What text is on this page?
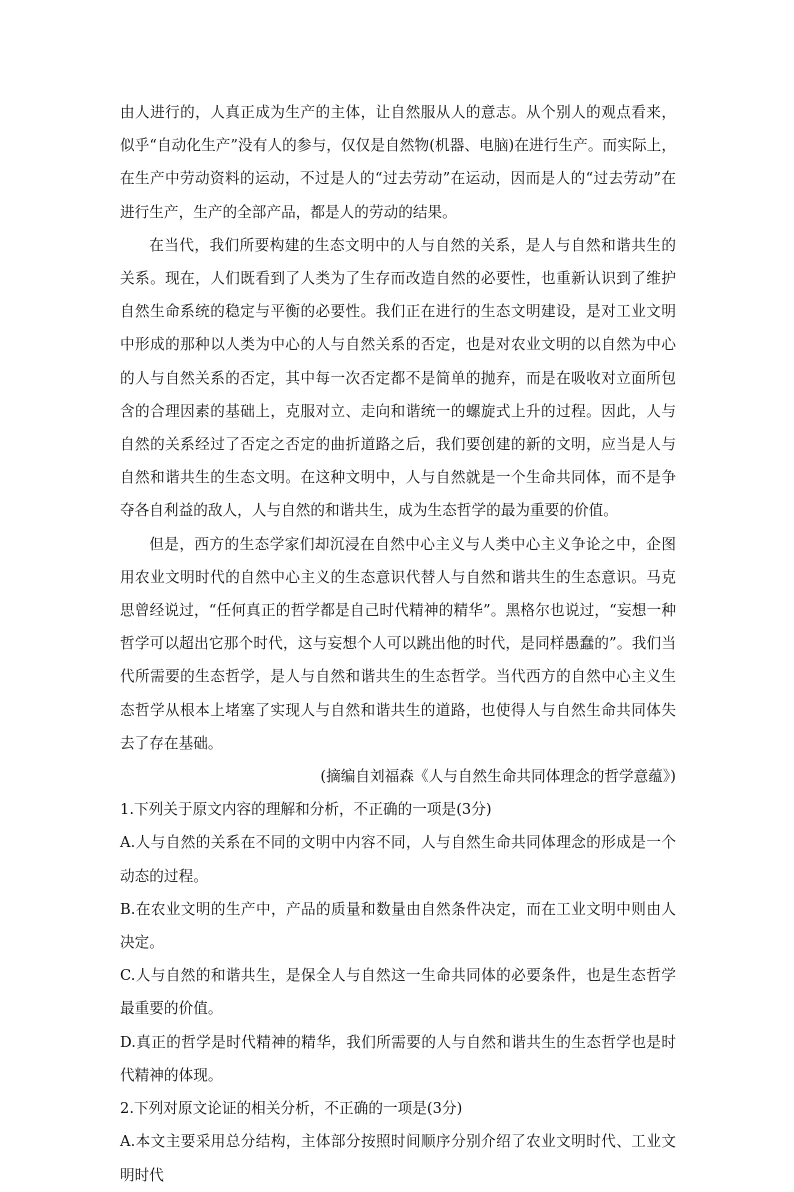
由人进行的，人真正成为生产的主体，让自然服从人的意志。从个别人的观点看来，似乎“自动化生产”没有人的参与，仅仅是自然物(机器、电脑)在进行生产。而实际上，在生产中劳动资料的运动，不过是人的“过去劳动”在运动，因而是人的“过去劳动”在进行生产，生产的全部产品，都是人的劳动的结果。

在当代，我们所要构建的生态文明中的人与自然的关系，是人与自然和谐共生的关系。现在，人们既看到了人类为了生存而改造自然的必要性，也重新认识到了维护自然生命系统的稳定与平衡的必要性。我们正在进行的生态文明建设，是对工业文明中形成的那种以人类为中心的人与自然关系的否定，也是对农业文明的以自然为中心的人与自然关系的否定，其中每一次否定都不是简单的抛弃，而是在吸收对立面所包含的合理因素的基础上，克服对立、走向和谐统一的螺旋式上升的过程。因此，人与自然的关系经过了否定之否定的曲折道路之后，我们要创建的新的文明，应当是人与自然和谐共生的生态文明。在这种文明中，人与自然就是一个生命共同体，而不是争夺各自利益的敌人，人与自然的和谐共生，成为生态哲学的最为重要的价值。

但是，西方的生态学家们却沉浸在自然中心主义与人类中心主义争论之中，企图用农业文明时代的自然中心主义的生态意识代替人与自然和谐共生的生态意识。马克思曾经说过，“任何真正的哲学都是自己时代精神的精华”。黑格尔也说过，“妄想一种哲学可以超出它那个时代，这与妄想个人可以跳出他的时代，是同样愚蠢的”。我们当代所需要的生态哲学，是人与自然和谐共生的生态哲学。当代西方的自然中心主义生态哲学从根本上堵塞了实现人与自然和谐共生的道路，也使得人与自然生命共同体失去了存在基础。

(摘编自刘福森《人与自然生命共同体理念的哲学意蕴》)

1.下列关于原文内容的理解和分析，不正确的一项是(3分)

A.人与自然的关系在不同的文明中内容不同，人与自然生命共同体理念的形成是一个动态的过程。

B.在农业文明的生产中，产品的质量和数量由自然条件决定，而在工业文明中则由人决定。

C.人与自然的和谐共生，是保全人与自然这一生命共同体的必要条件，也是生态哲学最重要的价值。

D.真正的哲学是时代精神的精华，我们所需要的人与自然和谐共生的生态哲学也是时代精神的体现。

2.下列对原文论证的相关分析，不正确的一项是(3分)

A.本文主要采用总分结构，主体部分按照时间顺序分别介绍了农业文明时代、工业文明时代
